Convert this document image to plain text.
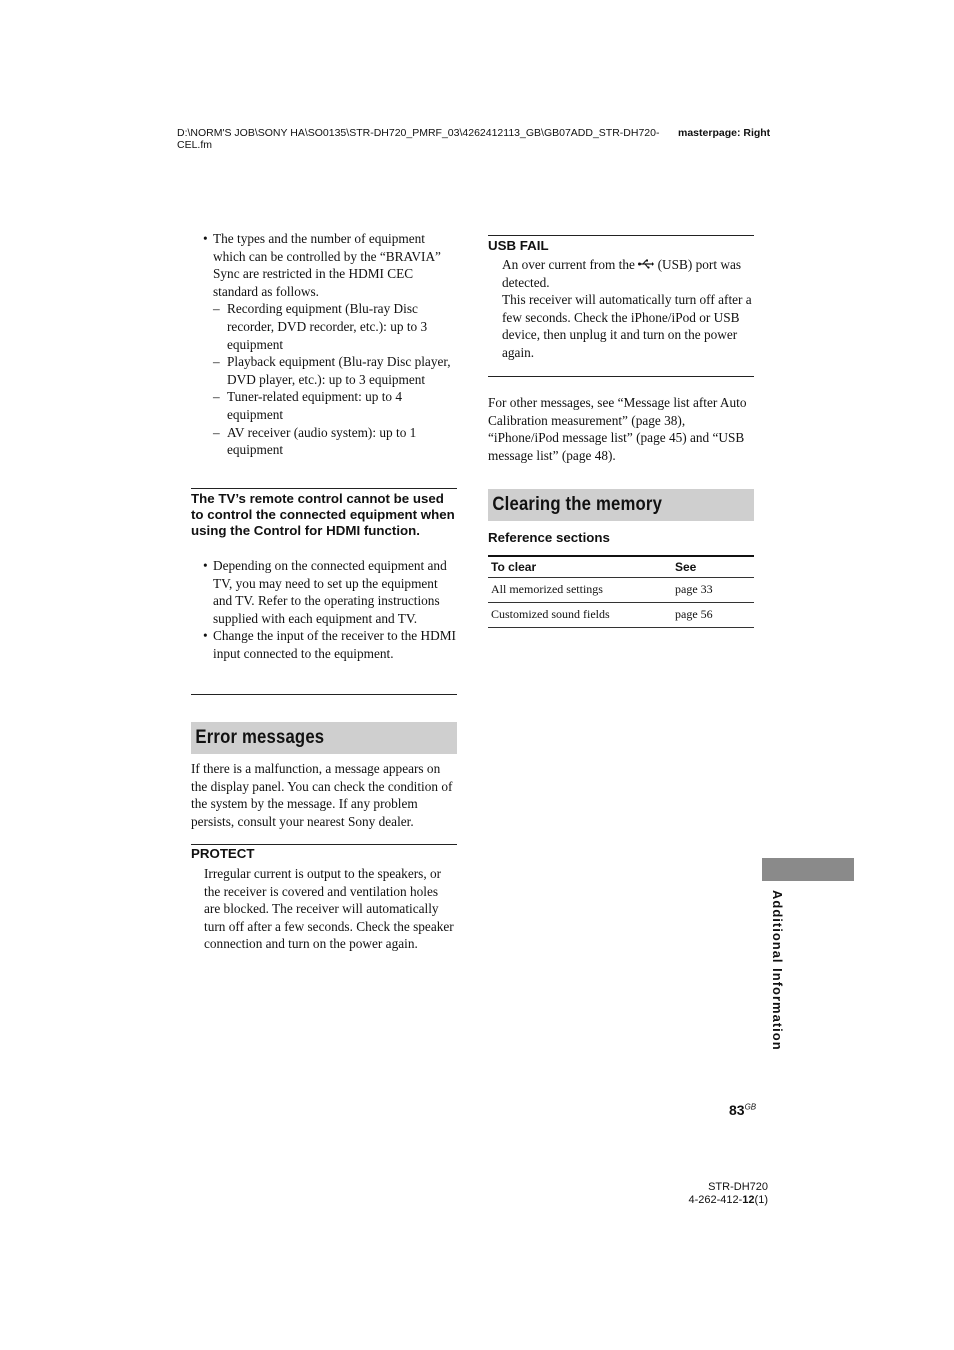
D:\NORM'S JOB\SONY HA\SO0135\STR-DH720_PMRF_03\4262412113_GB\GB07ADD_STR-DH720-CEL.fm
masterpage: Right

• The types and the number of equipment which can be controlled by the “BRAVIA” Sync are restricted in the HDMI CEC standard as follows.

– Recording equipment (Blu-ray Disc recorder, DVD recorder, etc.): up to 3 equipment

– Playback equipment (Blu-ray Disc player, DVD player, etc.): up to 3 equipment

– Tuner-related equipment: up to 4 equipment

– AV receiver (audio system): up to 1 equipment

The TV’s remote control cannot be used to control the connected equipment when using the Control for HDMI function.

• Depending on the connected equipment and TV, you may need to set up the equipment and TV. Refer to the operating instructions supplied with each equipment and TV.

• Change the input of the receiver to the HDMI input connected to the equipment.

Error messages
If there is a malfunction, a message appears on the display panel. You can check the condition of the system by the message. If any problem persists, consult your nearest Sony dealer.
PROTECT
Irregular current is output to the speakers, or the receiver is covered and ventilation holes are blocked. The receiver will automatically turn off after a few seconds. Check the speaker connection and turn on the power again.
USB FAIL

An over current from the (USB) port was detected.

This receiver will automatically turn off after a few seconds. Check the iPhone/iPod or USB device, then unplug it and turn on the power again.

For other messages, see “Message list after Auto Calibration measurement” (page 38), “iPhone/iPod message list” (page 45) and “USB message list” (page 48).
Clearing the memory
Reference sections
To clear	See
All memorized settings	page 33
Customized sound fields	page 56
Additional Information
$83^{GB}$
STR-DH720
4-262-412-12(1)
